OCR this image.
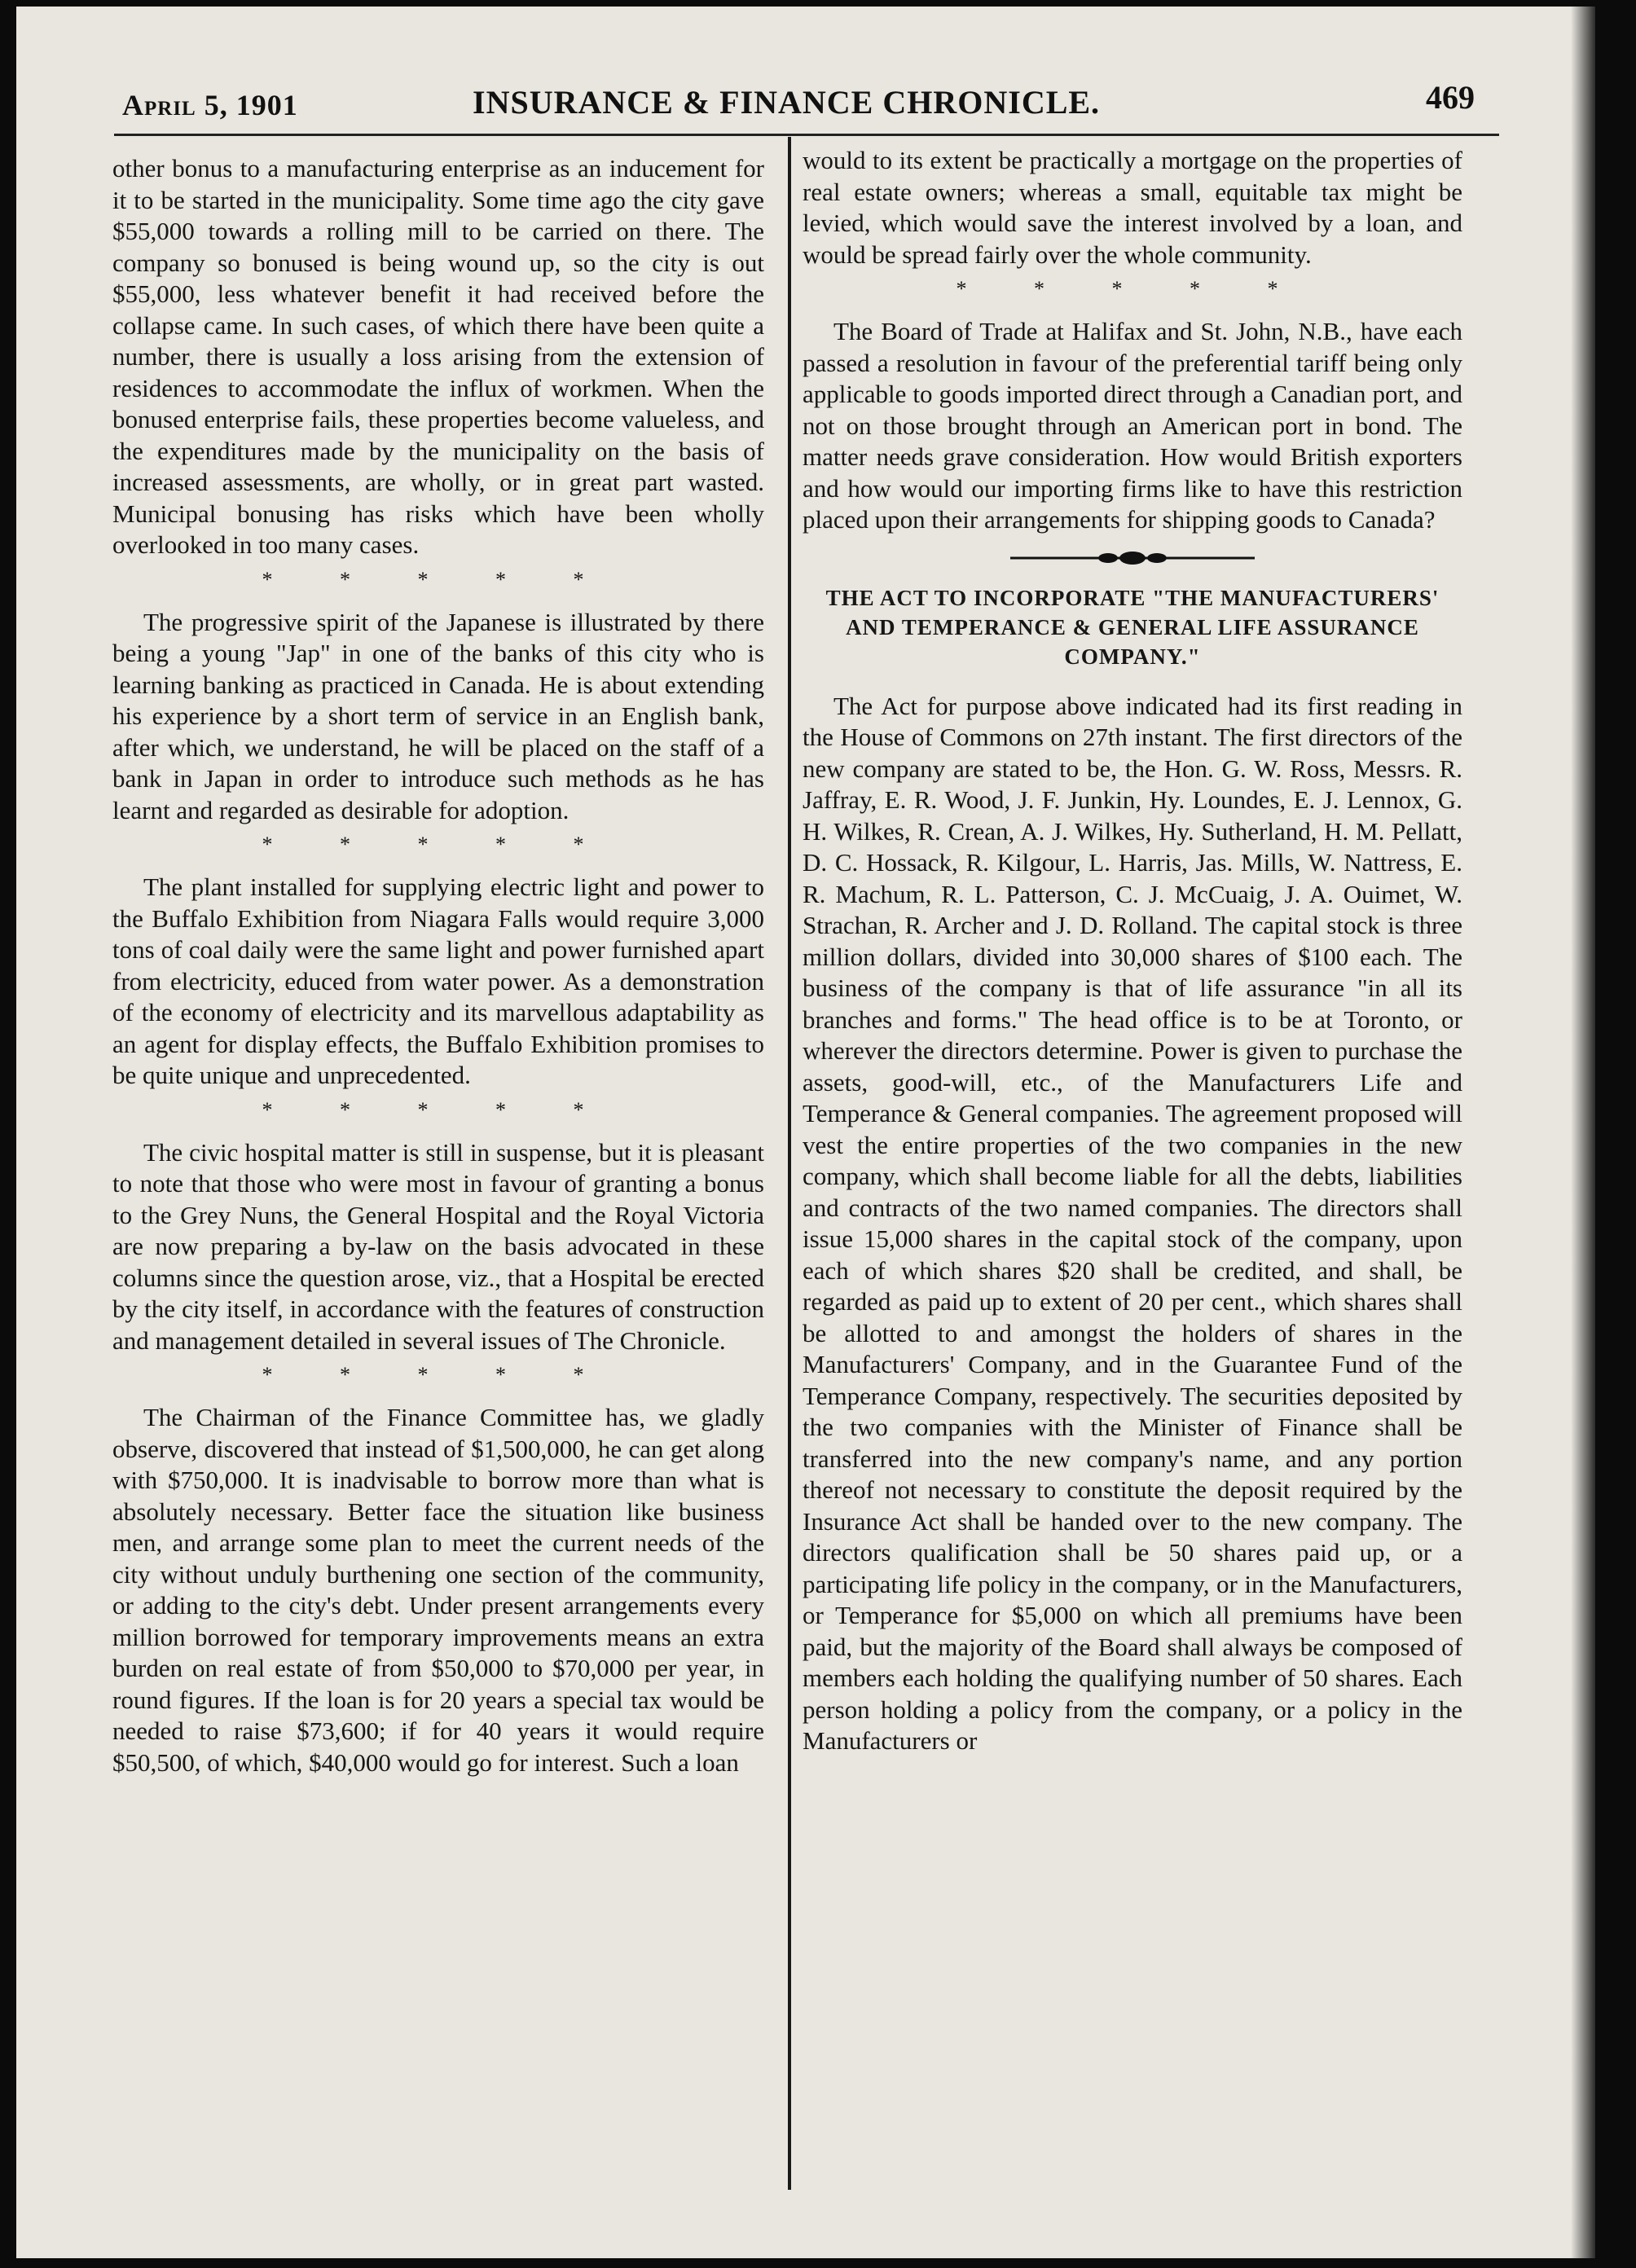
April 5, 1901	INSURANCE & FINANCE CHRONICLE.	469

other bonus to a manufacturing enterprise as an inducement for it to be started in the municipality. Some time ago the city gave $55,000 towards a rolling mill to be carried on there. The company so bonused is being wound up, so the city is out $55,000, less whatever benefit it had received before the collapse came. In such cases, of which there have been quite a number, there is usually a loss arising from the extension of residences to accommodate the influx of workmen. When the bonused enterprise fails, these properties become valueless, and the expenditures made by the municipality on the basis of increased assessments, are wholly, or in great part wasted. Municipal bonusing has risks which have been wholly overlooked in too many cases.

* * * * *

The progressive spirit of the Japanese is illustrated by there being a young "Jap" in one of the banks of this city who is learning banking as practiced in Canada. He is about extending his experience by a short term of service in an English bank, after which, we understand, he will be placed on the staff of a bank in Japan in order to introduce such methods as he has learnt and regarded as desirable for adoption.

* * * * *

The plant installed for supplying electric light and power to the Buffalo Exhibition from Niagara Falls would require 3,000 tons of coal daily were the same light and power furnished apart from electricity, educed from water power. As a demonstration of the economy of electricity and its marvellous adaptability as an agent for display effects, the Buffalo Exhibition promises to be quite unique and unprecedented.

* * * * *

The civic hospital matter is still in suspense, but it is pleasant to note that those who were most in favour of granting a bonus to the Grey Nuns, the General Hospital and the Royal Victoria are now preparing a by-law on the basis advocated in these columns since the question arose, viz., that a Hospital be erected by the city itself, in accordance with the features of construction and management detailed in several issues of The Chronicle.

* * * * *

The Chairman of the Finance Committee has, we gladly observe, discovered that instead of $1,500,000, he can get along with $750,000. It is inadvisable to borrow more than what is absolutely necessary. Better face the situation like business men, and arrange some plan to meet the current needs of the city without unduly burthening one section of the community, or adding to the city's debt. Under present arrangements every million borrowed for temporary improvements means an extra burden on real estate of from $50,000 to $70,000 per year, in round figures. If the loan is for 20 years a special tax would be needed to raise $73,600; if for 40 years it would require $50,500, of which, $40,000 would go for interest. Such a loan

would to its extent be practically a mortgage on the properties of real estate owners; whereas a small, equitable tax might be levied, which would save the interest involved by a loan, and would be spread fairly over the whole community.

* * * * *

The Board of Trade at Halifax and St. John, N.B., have each passed a resolution in favour of the preferential tariff being only applicable to goods imported direct through a Canadian port, and not on those brought through an American port in bond. The matter needs grave consideration. How would British exporters and how would our importing firms like to have this restriction placed upon their arrangements for shipping goods to Canada?

THE ACT TO INCORPORATE "THE MANUFACTURERS' AND TEMPERANCE & GENERAL LIFE ASSURANCE COMPANY."

The Act for purpose above indicated had its first reading in the House of Commons on 27th instant. The first directors of the new company are stated to be, the Hon. G. W. Ross, Messrs. R. Jaffray, E. R. Wood, J. F. Junkin, Hy. Loundes, E. J. Lennox, G. H. Wilkes, R. Crean, A. J. Wilkes, Hy. Sutherland, H. M. Pellatt, D. C. Hossack, R. Kilgour, L. Harris, Jas. Mills, W. Nattress, E. R. Machum, R. L. Patterson, C. J. McCuaig, J. A. Ouimet, W. Strachan, R. Archer and J. D. Rolland. The capital stock is three million dollars, divided into 30,000 shares of $100 each. The business of the company is that of life assurance "in all its branches and forms." The head office is to be at Toronto, or wherever the directors determine. Power is given to purchase the assets, good-will, etc., of the Manufacturers Life and Temperance & General companies. The agreement proposed will vest the entire properties of the two companies in the new company, which shall become liable for all the debts, liabilities and contracts of the two named companies. The directors shall issue 15,000 shares in the capital stock of the company, upon each of which shares $20 shall be credited, and shall, be regarded as paid up to extent of 20 per cent., which shares shall be allotted to and amongst the holders of shares in the Manufacturers' Company, and in the Guarantee Fund of the Temperance Company, respectively. The securities deposited by the two companies with the Minister of Finance shall be transferred into the new company's name, and any portion thereof not necessary to constitute the deposit required by the Insurance Act shall be handed over to the new company. The directors qualification shall be 50 shares paid up, or a participating life policy in the company, or in the Manufacturers, or Temperance for $5,000 on which all premiums have been paid, but the majority of the Board shall always be composed of members each holding the qualifying number of 50 shares. Each person holding a policy from the company, or a policy in the Manufacturers or
